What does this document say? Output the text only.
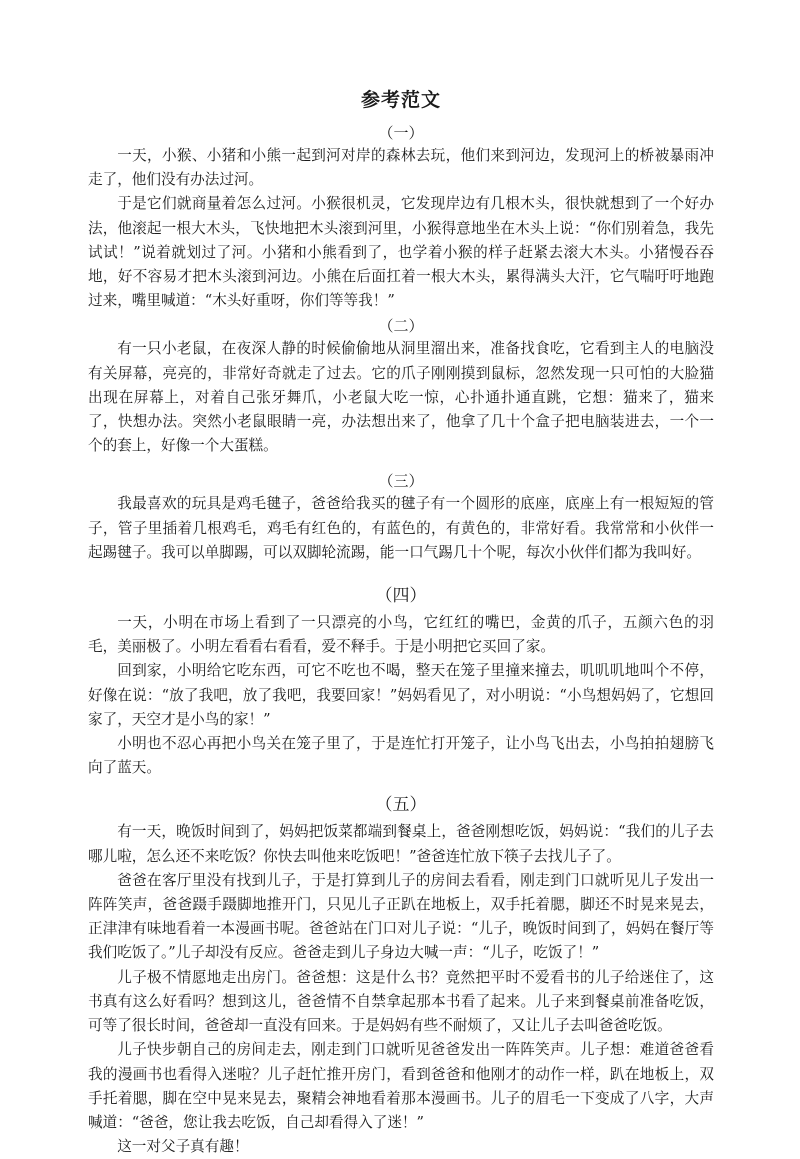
参考范文

（一）

一天，小猴、小猪和小熊一起到河对岸的森林去玩，他们来到河边，发现河上的桥被暴雨冲走了，他们没有办法过河。

于是它们就商量着怎么过河。小猴很机灵，它发现岸边有几根木头，很快就想到了一个好办法，他滚起一根大木头，飞快地把木头滚到河里，小猴得意地坐在木头上说：“你们别着急，我先试试！”说着就划过了河。小猪和小熊看到了，也学着小猴的样子赶紧去滚大木头。小猪慢吞吞地，好不容易才把木头滚到河边。小熊在后面扛着一根大木头，累得满头大汗，它气喘吁吁地跑过来，嘴里喊道：“木头好重呀，你们等等我！”

（二）

有一只小老鼠，在夜深人静的时候偷偷地从洞里溜出来，准备找食吃，它看到主人的电脑没有关屏幕，亮亮的，非常好奇就走了过去。它的爪子刚刚摸到鼠标，忽然发现一只可怕的大脸猫出现在屏幕上，对着自己张牙舞爪，小老鼠大吃一惊，心扑通扑通直跳，它想：猫来了，猫来了，快想办法。突然小老鼠眼睛一亮，办法想出来了，他拿了几十个盒子把电脑装进去，一个一个的套上，好像一个大蛋糕。

（三）

我最喜欢的玩具是鸡毛毽子，爸爸给我买的毽子有一个圆形的底座，底座上有一根短短的管子，管子里插着几根鸡毛，鸡毛有红色的，有蓝色的，有黄色的，非常好看。我常常和小伙伴一起踢毽子。我可以单脚踢，可以双脚轮流踢，能一口气踢几十个呢，每次小伙伴们都为我叫好。

（四）

一天，小明在市场上看到了一只漂亮的小鸟，它红红的嘴巴，金黄的爪子，五颜六色的羽毛，美丽极了。小明左看看右看看，爱不释手。于是小明把它买回了家。

回到家，小明给它吃东西，可它不吃也不喝，整天在笼子里撞来撞去，叽叽叽地叫个不停，好像在说：“放了我吧，放了我吧，我要回家！”妈妈看见了，对小明说：“小鸟想妈妈了，它想回家了，天空才是小鸟的家！”

小明也不忍心再把小鸟关在笼子里了，于是连忙打开笼子，让小鸟飞出去，小鸟拍拍翅膀飞向了蓝天。

（五）

有一天，晚饭时间到了，妈妈把饭菜都端到餐桌上，爸爸刚想吃饭，妈妈说：“我们的儿子去哪儿啦，怎么还不来吃饭？你快去叫他来吃饭吧！”爸爸连忙放下筷子去找儿子了。

爸爸在客厅里没有找到儿子，于是打算到儿子的房间去看看，刚走到门口就听见儿子发出一阵阵笑声，爸爸蹑手蹑脚地推开门，只见儿子正趴在地板上，双手托着腮，脚还不时晃来晃去，正津津有味地看着一本漫画书呢。爸爸站在门口对儿子说：“儿子，晚饭时间到了，妈妈在餐厅等我们吃饭了。”儿子却没有反应。爸爸走到儿子身边大喊一声：“儿子，吃饭了！”

儿子极不情愿地走出房门。爸爸想：这是什么书？竟然把平时不爱看书的儿子给迷住了，这书真有这么好看吗？想到这儿，爸爸情不自禁拿起那本书看了起来。儿子来到餐桌前准备吃饭，可等了很长时间，爸爸却一直没有回来。于是妈妈有些不耐烦了，又让儿子去叫爸爸吃饭。

儿子快步朝自己的房间走去，刚走到门口就听见爸爸发出一阵阵笑声。儿子想：难道爸爸看我的漫画书也看得入迷啦？儿子赶忙推开房门，看到爸爸和他刚才的动作一样，趴在地板上，双手托着腮，脚在空中晃来晃去，聚精会神地看着那本漫画书。儿子的眉毛一下变成了八字，大声喊道：“爸爸，您让我去吃饭，自己却看得入了迷！”

这一对父子真有趣！
